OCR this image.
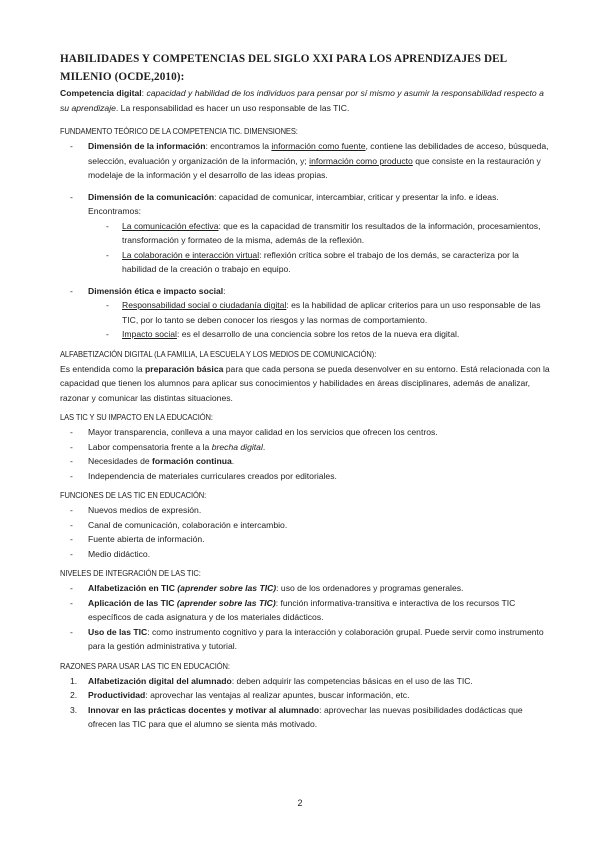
HABILIDADES Y COMPETENCIAS DEL SIGLO XXI PARA LOS APRENDIZAJES DEL MILENIO (OCDE,2010):

Competencia digital: capacidad y habilidad de los individuos para pensar por sí mismo y asumir la responsabilidad respecto a su aprendizaje. La responsabilidad es hacer un uso responsable de las TIC.

FUNDAMENTO TEÓRICO DE LA COMPETENCIA TIC. DIMENSIONES:
- Dimensión de la información: encontramos la información como fuente, contiene las debilidades de acceso, búsqueda, selección, evaluación y organización de la información, y; información como producto que consiste en la restauración y modelaje de la información y el desarrollo de las ideas propias.
- Dimensión de la comunicación: capacidad de comunicar, intercambiar, criticar y presentar la info. e ideas. Encontramos:
- La comunicación efectiva: que es la capacidad de transmitir los resultados de la información, procesamientos, transformación y formateo de la misma, además de la reflexión.
- La colaboración e interacción virtual: reflexión crítica sobre el trabajo de los demás, se caracteriza por la habilidad de la creación o trabajo en equipo.
- Dimensión ética e impacto social:
- Responsabilidad social o ciudadanía digital: es la habilidad de aplicar criterios para un uso responsable de las TIC, por lo tanto se deben conocer los riesgos y las normas de comportamiento.
- Impacto social: es el desarrollo de una conciencia sobre los retos de la nueva era digital.
ALFABETIZACIÓN DIGITAL (LA FAMILIA, LA ESCUELA Y LOS MEDIOS DE COMUNICACIÓN):

Es entendida como la preparación básica para que cada persona se pueda desenvolver en su entorno. Está relacionada con la capacidad que tienen los alumnos para aplicar sus conocimientos y habilidades en áreas disciplinares, además de analizar, razonar y comunicar las distintas situaciones.

LAS TIC Y SU IMPACTO EN LA EDUCACIÓN:
- Mayor transparencia, conlleva a una mayor calidad en los servicios que ofrecen los centros.
- Labor compensatoria frente a la brecha digital.
- Necesidades de formación continua.
- Independencia de materiales curriculares creados por editoriales.
FUNCIONES DE LAS TIC EN EDUCACIÓN:
- Nuevos medios de expresión.
- Canal de comunicación, colaboración e intercambio.
- Fuente abierta de información.
- Medio didáctico.
NIVELES DE INTEGRACIÓN DE LAS TIC:
- Alfabetización en TIC (aprender sobre las TIC): uso de los ordenadores y programas generales.
- Aplicación de las TIC (aprender sobre las TIC): función informativa-transitiva e interactiva de los recursos TIC específicos de cada asignatura y de los materiales didácticos.
- Uso de las TIC: como instrumento cognitivo y para la interacción y colaboración grupal. Puede servir como instrumento para la gestión administrativa y tutorial.
RAZONES PARA USAR LAS TIC EN EDUCACIÓN:
1. Alfabetización digital del alumnado: deben adquirir las competencias básicas en el uso de las TIC.
2. Productividad: aprovechar las ventajas al realizar apuntes, buscar información, etc.
3. Innovar en las prácticas docentes y motivar al alumnado: aprovechar las nuevas posibilidades dodácticas que ofrecen las TIC para que el alumno se sienta más motivado.
2
